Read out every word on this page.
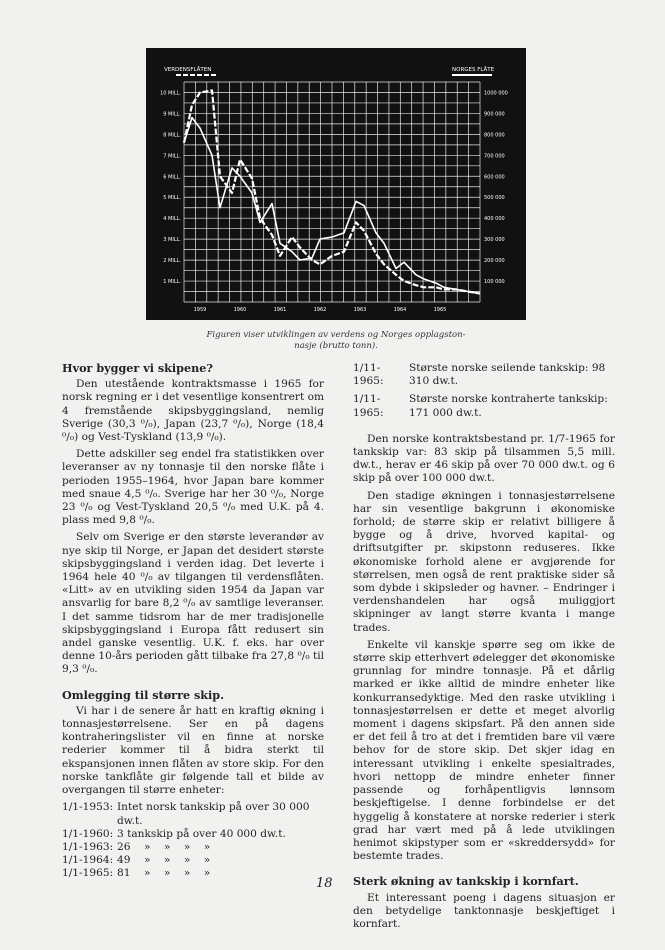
VERDENSFLÅTEN	NORGES FLÅTE
10 MILL.
9 MILL.
8 MILL.
7 MILL.
6 MILL.
5 MILL.
4 MILL.
3 MILL.
2 MILL.
1 MILL.
1000 000
900 000
800 000
700 000
600 000
500 000
400 000
300 000
200 000
100 000
1959	1960	1961	1962	1963	1964	1965
Figuren viser utviklingen av verdens og Norges opplagston-
nasje (brutto tonn).
Hvor bygger vi skipene?

Den utestående kontraktsmasse i 1965 for norsk regning er i det vesentlige konsentrert om 4 fremstående skipsbyggingsland, nemlig Sverige (30,3 ⁰/₀), Japan (23,7 ⁰/₀), Norge (18,4 ⁰/₀) og Vest-Tyskland (13,9 ⁰/₀).

Dette adskiller seg endel fra statistikken over leveranser av ny tonnasje til den norske flåte i perioden 1955–1964, hvor Japan bare kommer med snaue 4,5 ⁰/₀. Sverige har her 30 ⁰/₀, Norge 23 ⁰/₀ og Vest-Tyskland 20,5 ⁰/₀ med U.K. på 4. plass med 9,8 ⁰/₀.

Selv om Sverige er den største leverandør av nye skip til Norge, er Japan det desidert største skipsbyggingsland i verden idag. Det leverte i 1964 hele 40 ⁰/₀ av tilgangen til verdensflåten. «Litt» av en utvikling siden 1954 da Japan var ansvarlig for bare 8,2 ⁰/₀ av samtlige leveranser. I det samme tidsrom har de mer tradisjonelle skipsbyggingsland i Europa fått redusert sin andel ganske vesentlig. U.K. f. eks. har over denne 10-års perioden gått tilbake fra 27,8 ⁰/₀ til 9,3 ⁰/₀.

Omlegging til større skip.

Vi har i de senere år hatt en kraftig økning i tonnasjestørrelsene. Ser en på dagens kontraheringslister vil en finne at norske rederier kommer til å bidra sterkt til ekspansjonen innen flåten av store skip. For den norske tankflåte gir følgende tall et bilde av overgangen til større enheter:

1/1-1953:	Intet norsk tankskip på over 30 000 dw.t.
1/1-1960:	3 tankskip på over 40 000 dw.t.
1/1-1963:	26    »    »    »    »
1/1-1964:	49    »    »    »    »
1/1-1965:	81    »    »    »    »
1/11-1965:Største norske seilende tankskip: 98 310 dw.t.
1/11-1965:Største norske kontraherte tankskip: 171 000 dw.t.

Den norske kontraktsbestand pr. 1/7-1965 for tankskip var: 83 skip på tilsammen 5,5 mill. dw.t., herav er 46 skip på over 70 000 dw.t. og 6 skip på over 100 000 dw.t.

Den stadige økningen i tonnasjestørrelsene har sin vesentlige bakgrunn i økonomiske forhold; de større skip er relativt billigere å bygge og å drive, hvorved kapital- og driftsutgifter pr. skipstonn reduseres. Ikke økonomiske forhold alene er avgjørende for størrelsen, men også de rent praktiske sider så som dybde i skipsleder og havner. – Endringer i verdenshandelen har også muliggjort skipninger av langt større kvanta i mange trades.

Enkelte vil kanskje spørre seg om ikke de større skip etterhvert ødelegger det økonomiske grunnlag for mindre tonnasje. På et dårlig marked er ikke alltid de mindre enheter like konkurransedyktige. Med den raske utvikling i tonnasjestørrelsen er dette et meget alvorlig moment i dagens skipsfart. På den annen side er det feil å tro at det i fremtiden bare vil være behov for de store skip. Det skjer idag en interessant utvikling i enkelte spesialtrades, hvori nettopp de mindre enheter finner passende og forhåpentligvis lønnsom beskjeftigelse. I denne forbindelse er det hyggelig å konstatere at norske rederier i sterk grad har vært med på å lede utviklingen henimot skipstyper som er «skreddersydd» for bestemte trades.

Sterk økning av tankskip i kornfart.

Et interessant poeng i dagens situasjon er den betydelige tanktonnasje beskjeftiget i kornfart.

18
